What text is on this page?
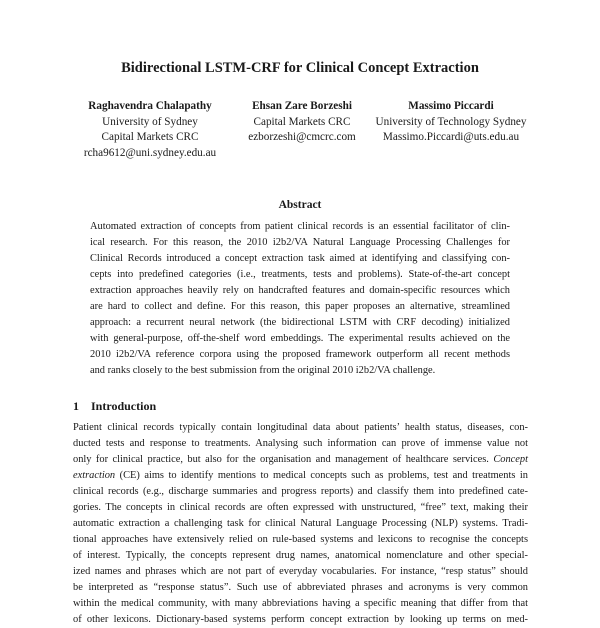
Bidirectional LSTM-CRF for Clinical Concept Extraction
Raghavendra Chalapathy
University of Sydney
Capital Markets CRC
rcha9612@uni.sydney.edu.au
Ehsan Zare Borzeshi
Capital Markets CRC
ezborzeshi@cmcrc.com
Massimo Piccardi
University of Technology Sydney
Massimo.Piccardi@uts.edu.au
Abstract
Automated extraction of concepts from patient clinical records is an essential facilitator of clin-
ical research. For this reason, the 2010 i2b2/VA Natural Language Processing Challenges for
Clinical Records introduced a concept extraction task aimed at identifying and classifying con-
cepts into predefined categories (i.e., treatments, tests and problems). State-of-the-art concept
extraction approaches heavily rely on handcrafted features and domain-specific resources which
are hard to collect and define. For this reason, this paper proposes an alternative, streamlined
approach: a recurrent neural network (the bidirectional LSTM with CRF decoding) initialized
with general-purpose, off-the-shelf word embeddings. The experimental results achieved on the
2010 i2b2/VA reference corpora using the proposed framework outperform all recent methods
and ranks closely to the best submission from the original 2010 i2b2/VA challenge.
1 Introduction
Patient clinical records typically contain longitudinal data about patients’ health status, diseases, con-
ducted tests and response to treatments. Analysing such information can prove of immense value not
only for clinical practice, but also for the organisation and management of healthcare services. Concept
extraction (CE) aims to identify mentions to medical concepts such as problems, test and treatments in
clinical records (e.g., discharge summaries and progress reports) and classify them into predefined cate-
gories. The concepts in clinical records are often expressed with unstructured, “free” text, making their
automatic extraction a challenging task for clinical Natural Language Processing (NLP) systems. Tradi-
tional approaches have extensively relied on rule-based systems and lexicons to recognise the concepts
of interest. Typically, the concepts represent drug names, anatomical nomenclature and other special-
ized names and phrases which are not part of everyday vocabularies. For instance, “resp status” should
be interpreted as “response status”. Such use of abbreviated phrases and acronyms is very common
within the medical community, with many abbreviations having a specific meaning that differ from that
of other lexicons. Dictionary-based systems perform concept extraction by looking up terms on med-
